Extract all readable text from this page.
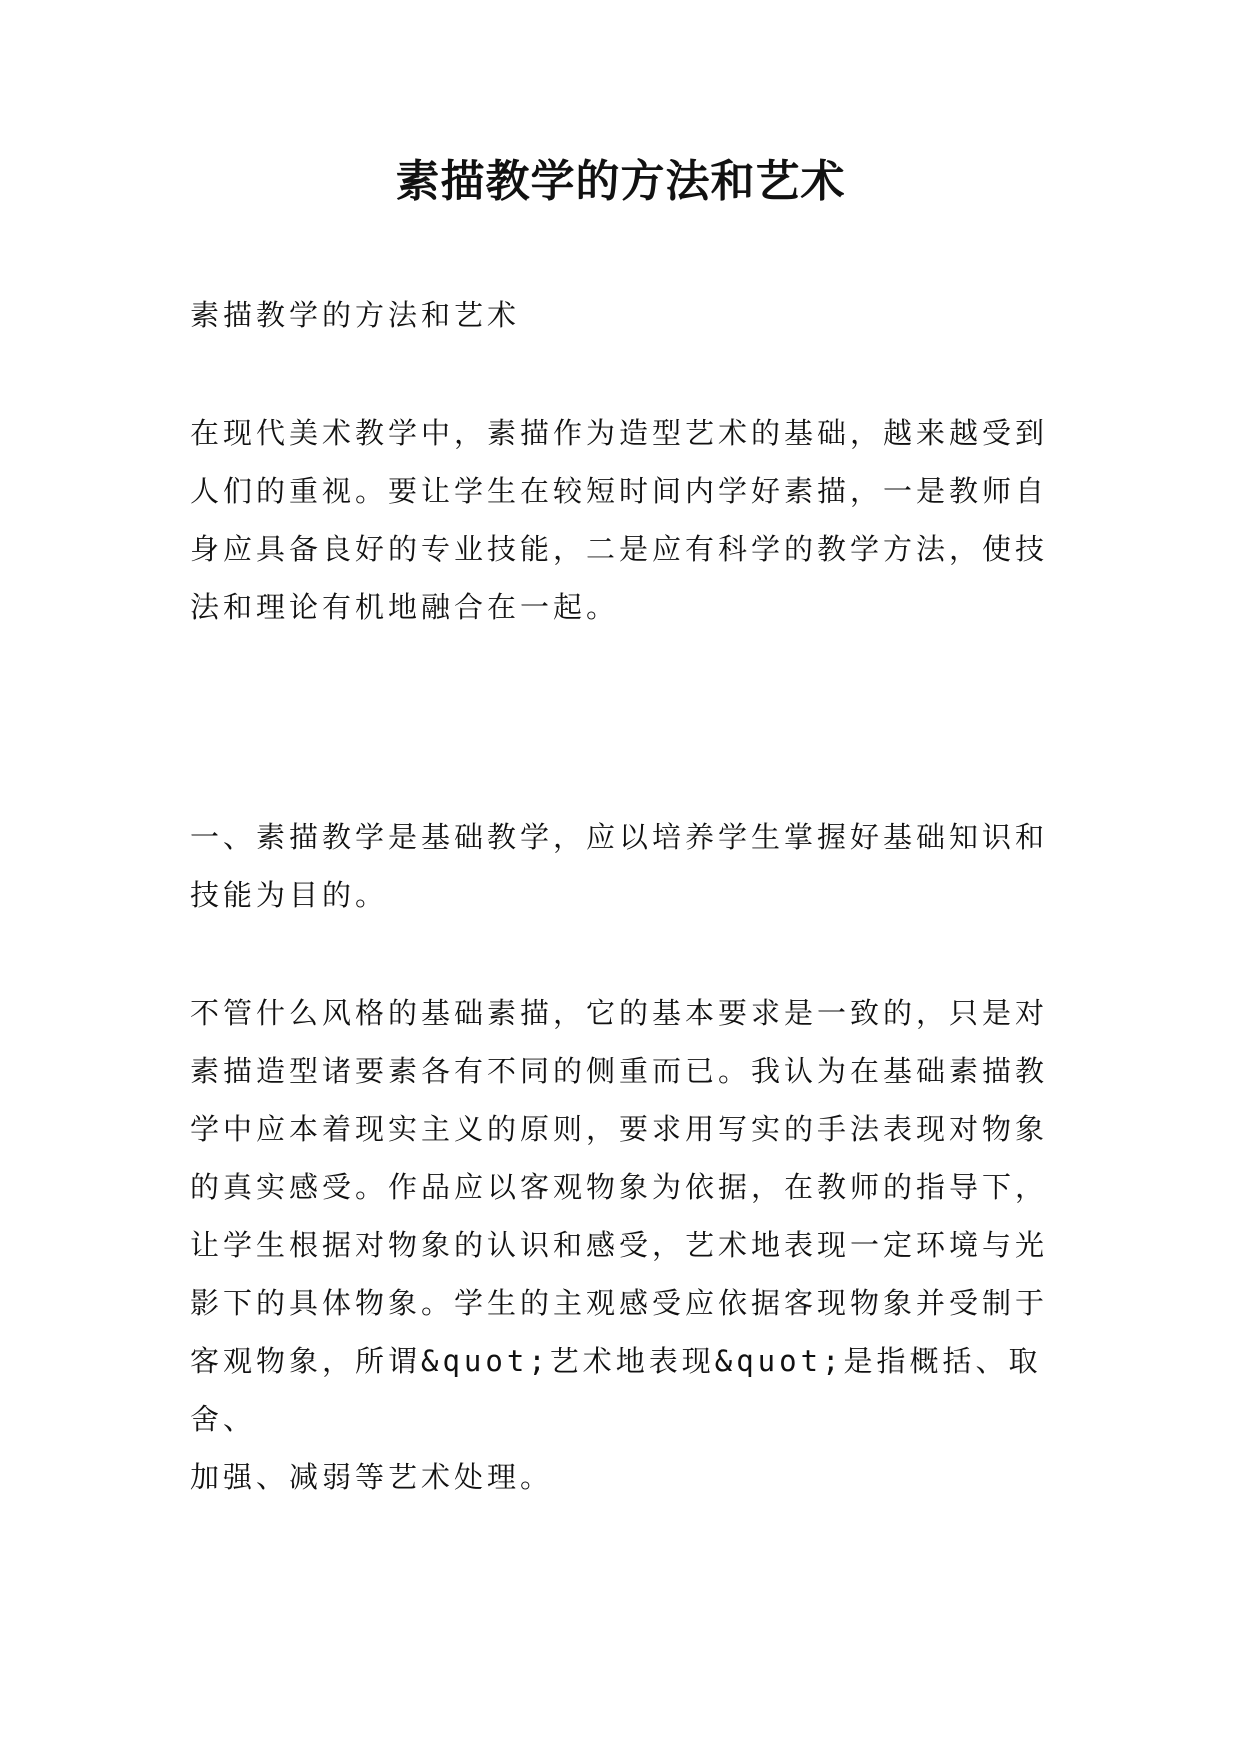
素描教学的方法和艺术

素描教学的方法和艺术

在现代美术教学中，素描作为造型艺术的基础，越来越受到
人们的重视。要让学生在较短时间内学好素描，一是教师自
身应具备良好的专业技能，二是应有科学的教学方法，使技
法和理论有机地融合在一起。

一、素描教学是基础教学，应以培养学生掌握好基础知识和
技能为目的。

不管什么风格的基础素描，它的基本要求是一致的，只是对
素描造型诸要素各有不同的侧重而已。我认为在基础素描教
学中应本着现实主义的原则，要求用写实的手法表现对物象
的真实感受。作品应以客观物象为依据，在教师的指导下，
让学生根据对物象的认识和感受，艺术地表现一定环境与光
影下的具体物象。学生的主观感受应依据客现物象并受制于
客观物象，所谓&quot;艺术地表现&quot;是指概括、取舍、
加强、减弱等艺术处理。
